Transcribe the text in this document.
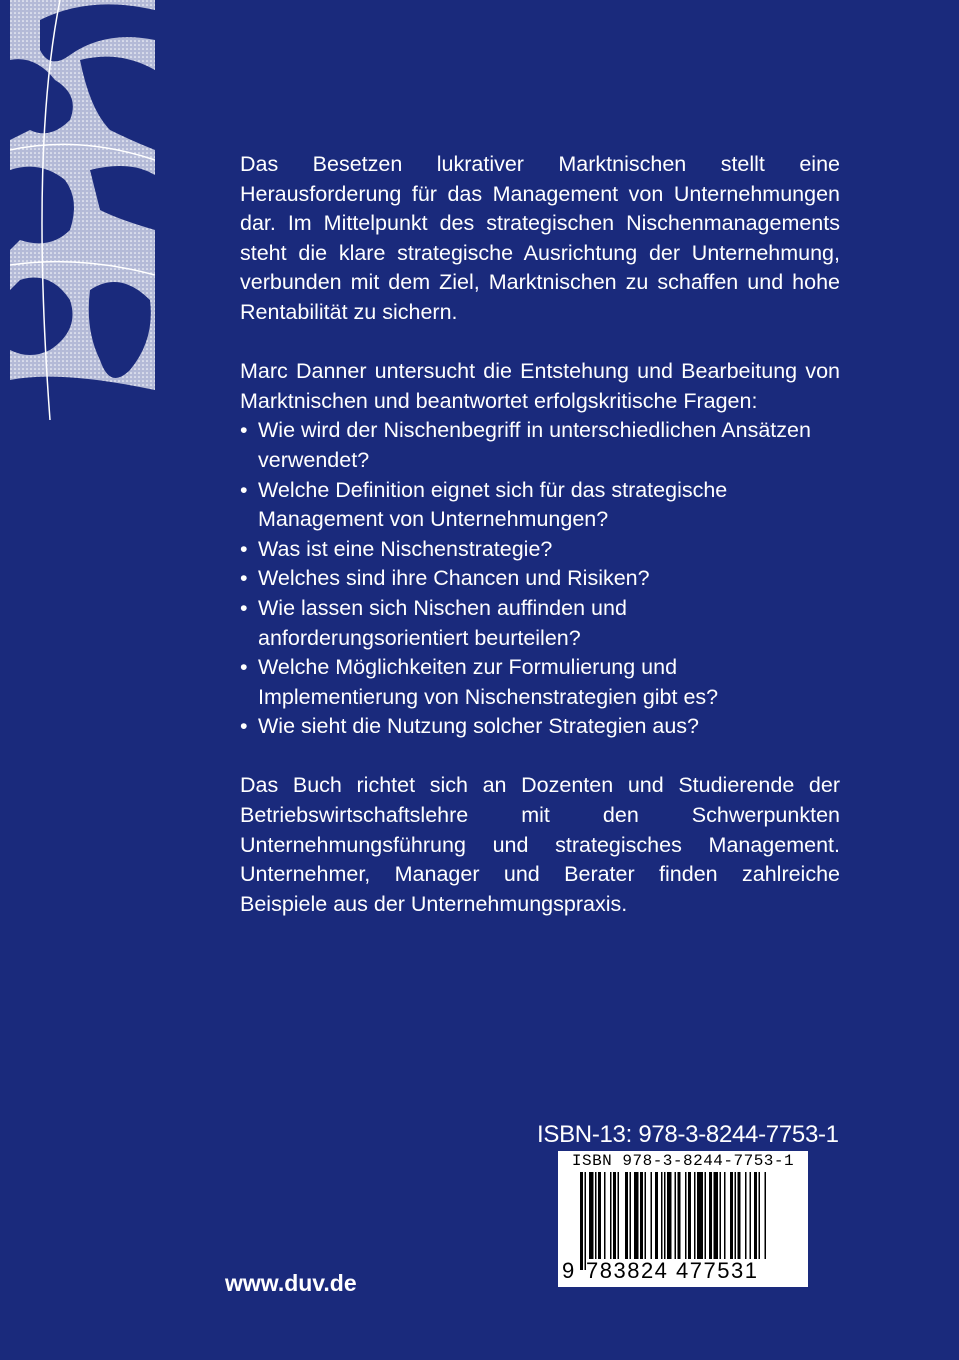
Das Besetzen lukrativer Marktnischen stellt eine Herausforderung für das Management von Unternehmungen dar. Im Mittelpunkt des strategischen Nischenmanagements steht die klare strategische Ausrichtung der Unternehmung, verbunden mit dem Ziel, Marktnischen zu schaffen und hohe Rentabilität zu sichern.

Marc Danner untersucht die Entstehung und Bearbeitung von Marktnischen und beantwortet erfolgskritische Fragen:

• Wie wird der Nischenbegriff in unterschiedlichen Ansätzen verwendet?
• Welche Definition eignet sich für das strategische Management von Unternehmungen?
• Was ist eine Nischenstrategie?
• Welches sind ihre Chancen und Risiken?
• Wie lassen sich Nischen auffinden und anforderungsorientiert beurteilen?
• Welche Möglichkeiten zur Formulierung und Implementierung von Nischenstrategien gibt es?
• Wie sieht die Nutzung solcher Strategien aus?

Das Buch richtet sich an Dozenten und Studierende der Betriebswirtschaftslehre mit den Schwerpunkten Unternehmungsführung und strategisches Management. Unternehmer, Manager und Berater finden zahlreiche Beispiele aus der Unternehmungspraxis.

ISBN-13: 978-3-8244-7753-1
ISBN 978-3-8244-7753-1
9 783824 477531
www.duv.de
